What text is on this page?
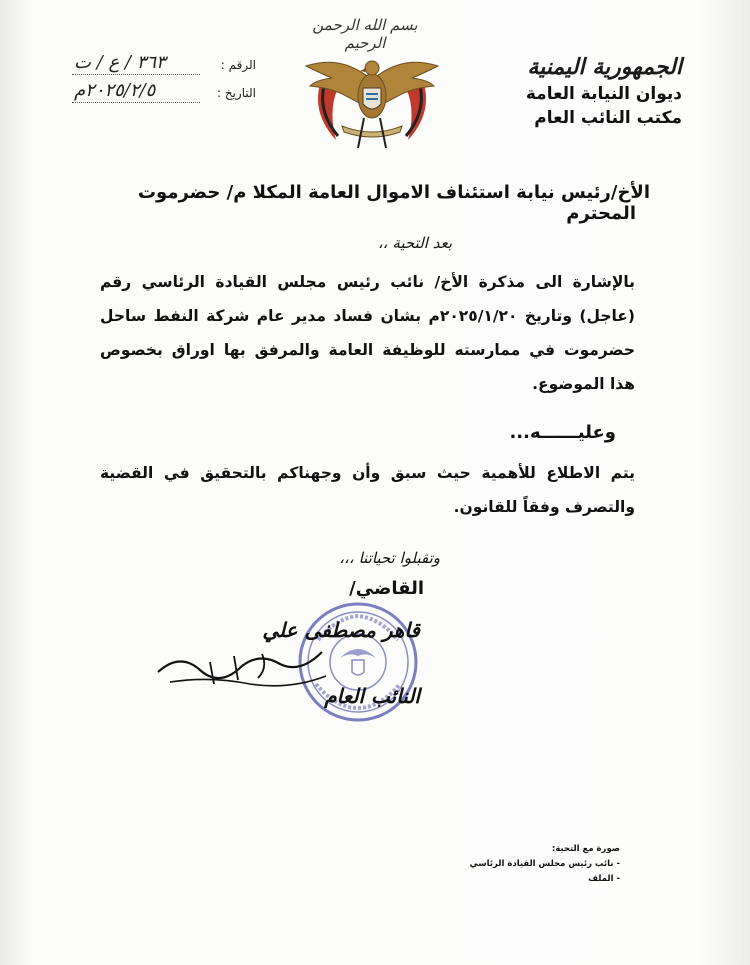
الجمهورية اليمنية
ديوان النيابة العامة
مكتب النائب العام
بسم الله الرحمن الرحيم
الرقم :
٣٦٣ / ع / ت
التاريخ :
٢٠٢٥/٢/٥م
الأخ/رئيس نيابة استئناف الاموال العامة المكلا م/ حضرموت المحترم
بعد التحية ،،
بالإشارة الى مذكرة الأخ/ نائب رئيس مجلس القيادة الرئاسي رقم (عاجل) وتاريخ ٢٠٢٥/١/٢٠م بشان فساد مدير عام شركة النفط ساحل حضرموت في ممارسته للوظيفة العامة والمرفق بها اوراق بخصوص هذا الموضوع.
وعليــــــه...
يتم الاطلاع للأهمية حيث سبق وأن وجهناكم بالتحقيق في القضية والتصرف وفقاً للقانون.
وتقبلوا تحياتنا ،،،
القاضي/
قاهر مصطفى علي
النائب العام
صورة مع التحية:
- نائب رئيس مجلس القيادة الرئاسي
- الملف
